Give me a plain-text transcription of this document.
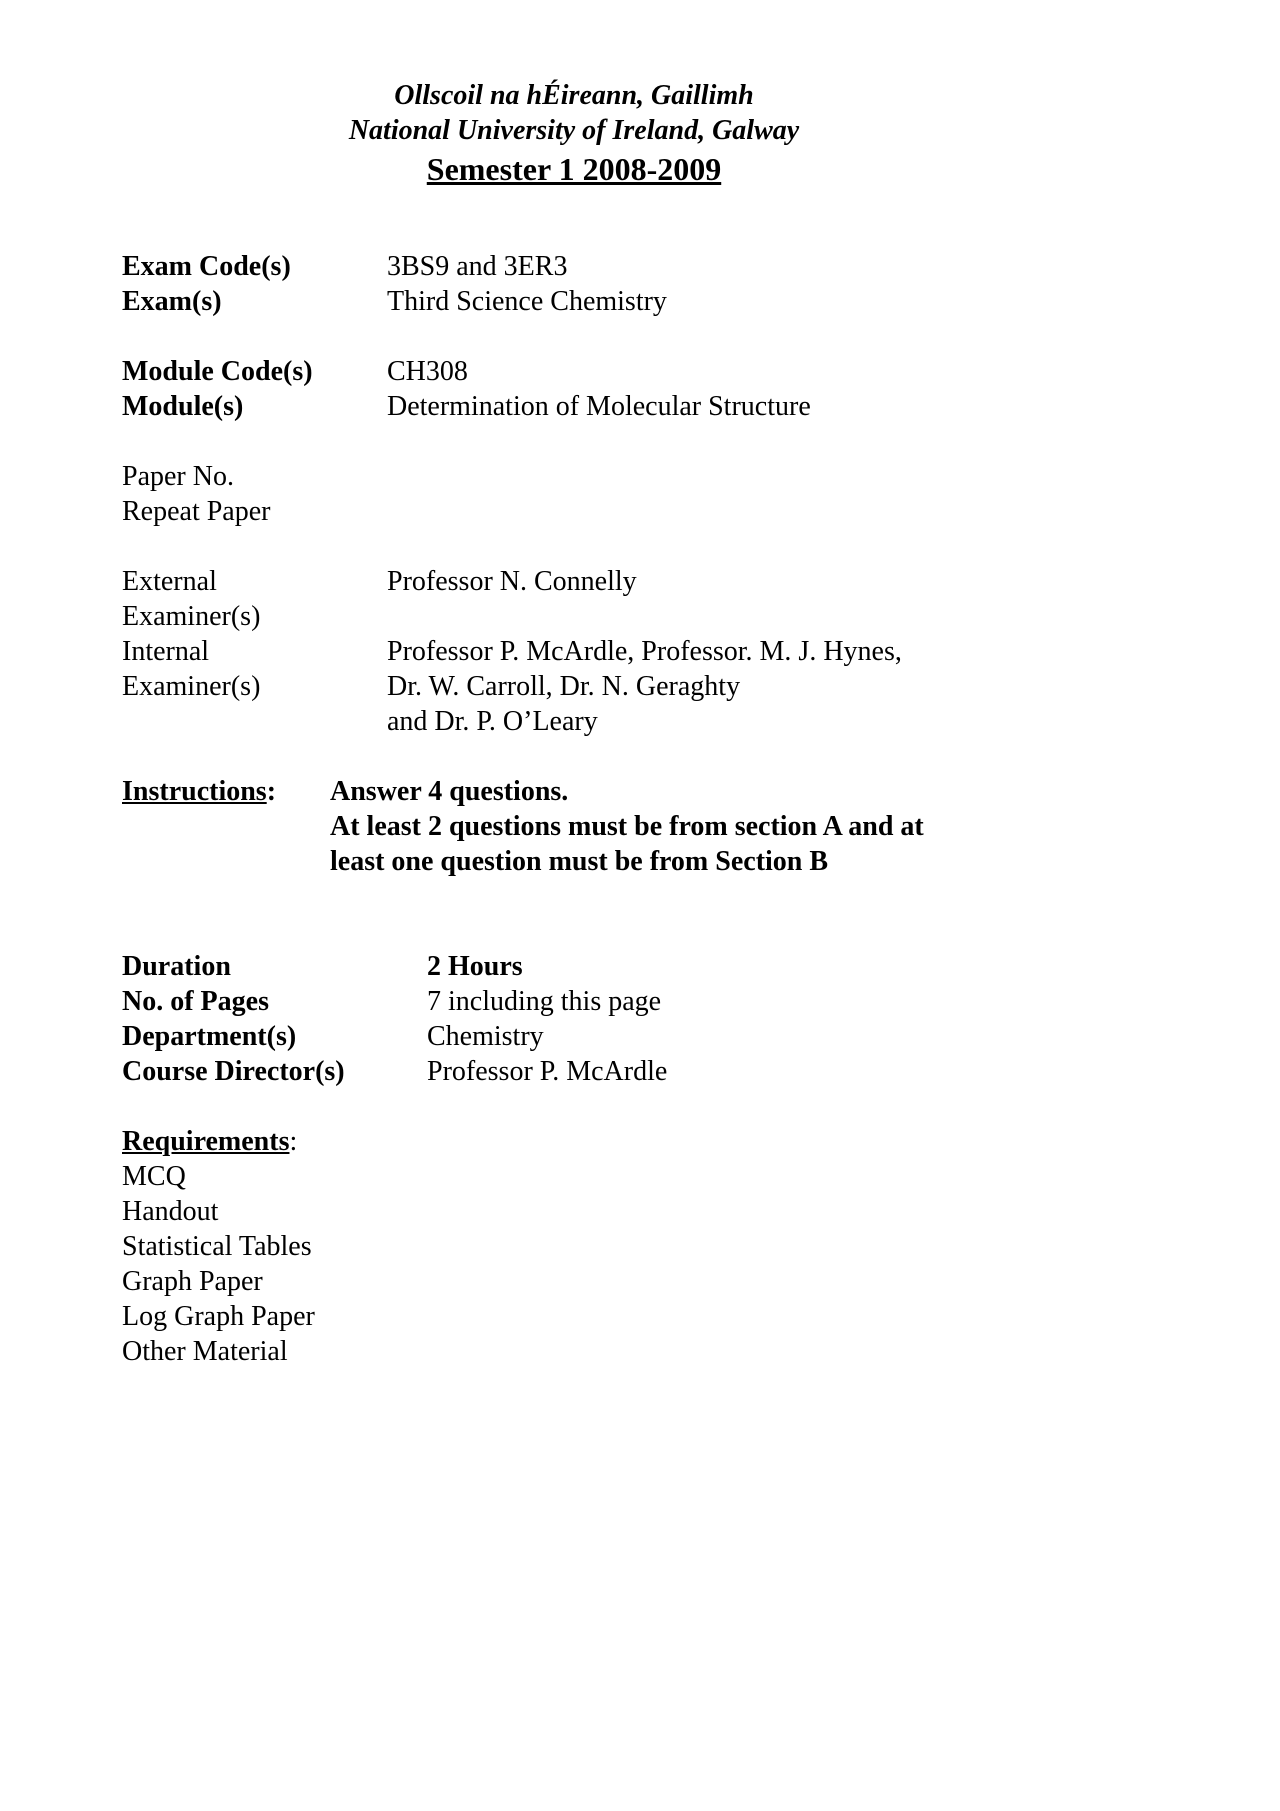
Ollscoil na hÉireann, Gaillimh
National University of Ireland, Galway
Semester 1 2008-2009
Exam Code(s)	3BS9 and 3ER3
Exam(s)	Third Science Chemistry
Module Code(s)	CH308
Module(s)	Determination of Molecular Structure
Paper No.
Repeat Paper
External	Professor N. Connelly
Examiner(s)
Internal	Professor P. McArdle, Professor. M. J. Hynes,
Examiner(s)	Dr. W. Carroll, Dr. N. Geraghty
and Dr. P. O’Leary
Instructions: Answer 4 questions.
At least 2 questions must be from section A and at
least one question must be from Section B
Duration	2 Hours
No. of Pages	7 including this page
Department(s)	Chemistry
Course Director(s)	Professor P. McArdle
Requirements:
MCQ
Handout
Statistical Tables
Graph Paper
Log Graph Paper
Other Material
